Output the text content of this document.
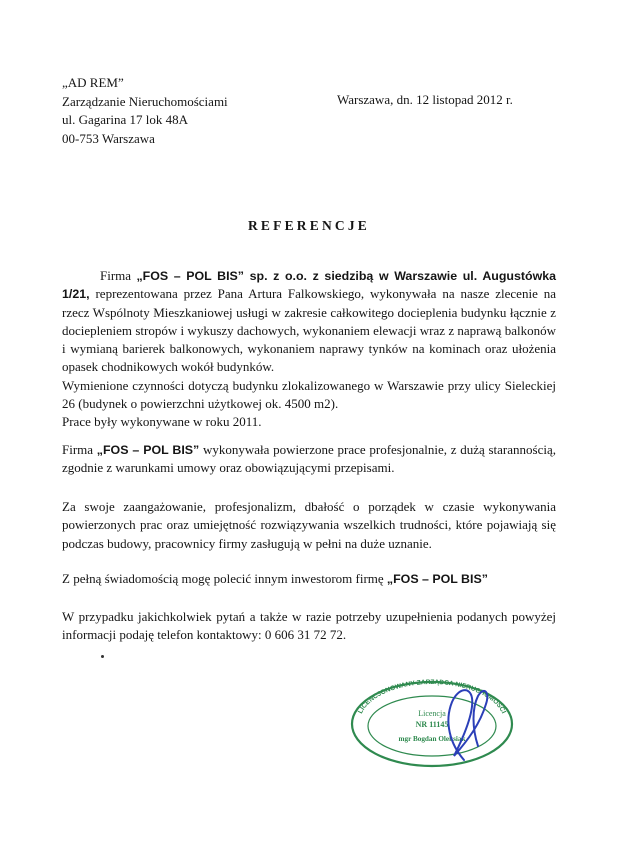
„AD REM”
Zarządzanie Nieruchomościami
ul. Gagarina 17 lok 48A
00-753 Warszawa
Warszawa, dn. 12 listopad 2012 r.
REFERENCJE

Firma „FOS – POL BIS” sp. z o.o. z siedzibą w Warszawie ul. Augustówka 1/21, reprezentowana przez Pana Artura Falkowskiego, wykonywała na nasze zlecenie na rzecz Wspólnoty Mieszkaniowej usługi w zakresie całkowitego docieplenia budynku łącznie z dociepleniem stropów i wykuszy dachowych, wykonaniem elewacji wraz z naprawą balkonów i wymianą barierek balkonowych, wykonaniem naprawy tynków na kominach oraz ułożenia opasek chodnikowych wokół budynków.

Wymienione czynności dotyczą budynku zlokalizowanego w Warszawie przy ulicy Sieleckiej 26 (budynek o powierzchni użytkowej ok. 4500 m2).

Prace były wykonywane w roku 2011.

Firma „FOS – POL BIS” wykonywała powierzone prace profesjonalnie, z dużą starannością, zgodnie z warunkami umowy oraz obowiązującymi przepisami.

Za swoje zaangażowanie, profesjonalizm, dbałość o porządek w czasie wykonywania powierzonych prac oraz umiejętność rozwiązywania wszelkich trudności, które pojawiają się podczas budowy, pracownicy firmy zasługują w pełni na duże uznanie.

Z pełną świadomością mogę polecić innym inwestorom firmę „FOS – POL BIS”

W przypadku jakichkolwiek pytań a także w razie potrzeby uzupełnienia podanych powyżej informacji podaję telefon kontaktowy: 0 606 31 72 72.

LICENCJONOWANY ZARZĄDCA NIERUCHOMOŚCI
Licencja
NR 11145
mgr Bogdan Oleksiak
